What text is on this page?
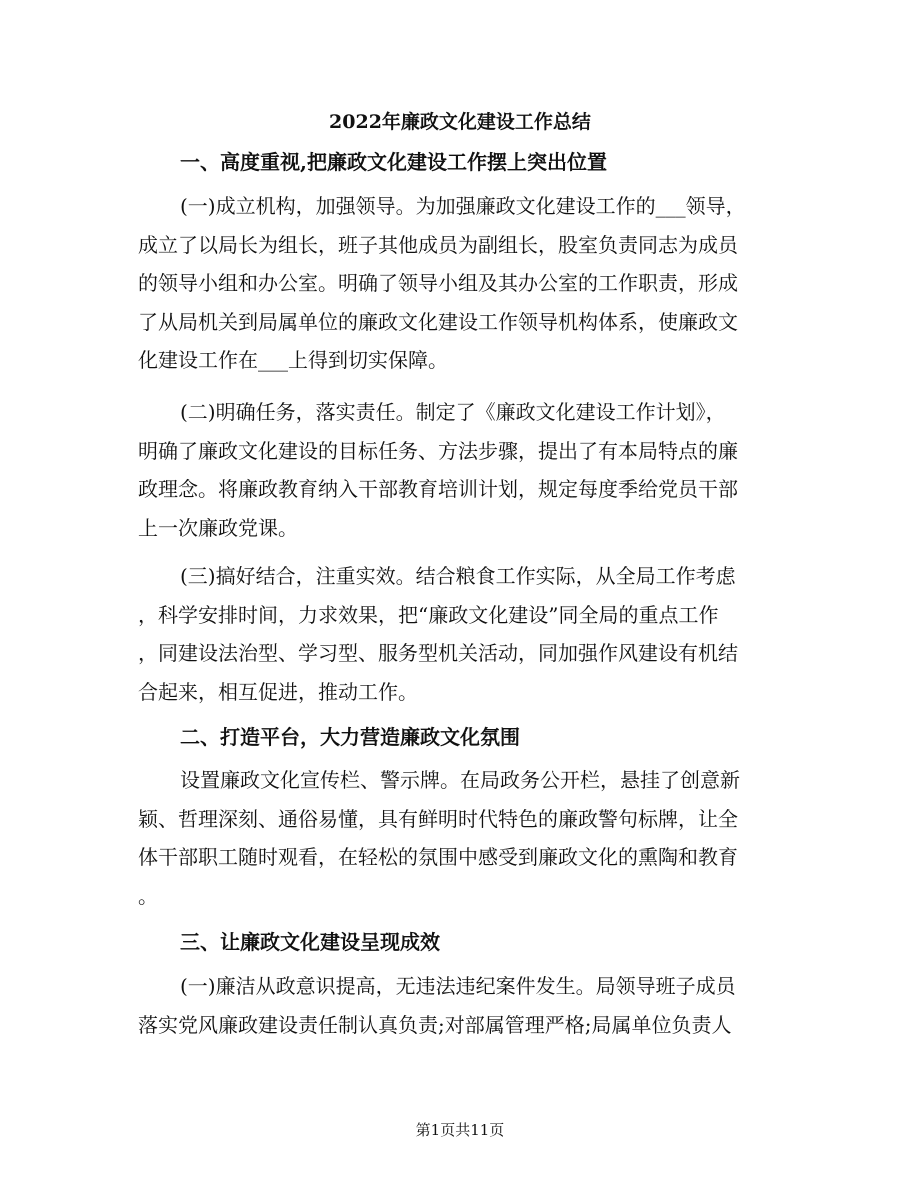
2022年廉政文化建设工作总结
一、高度重视,把廉政文化建设工作摆上突出位置
(一)成立机构，加强领导。为加强廉政文化建设工作的___领导，
成立了以局长为组长，班子其他成员为副组长，股室负责同志为成员
的领导小组和办公室。明确了领导小组及其办公室的工作职责，形成
了从局机关到局属单位的廉政文化建设工作领导机构体系，使廉政文
化建设工作在___上得到切实保障。
(二)明确任务，落实责任。制定了《廉政文化建设工作计划》，
明确了廉政文化建设的目标任务、方法步骤，提出了有本局特点的廉
政理念。将廉政教育纳入干部教育培训计划，规定每度季给党员干部
上一次廉政党课。
(三)搞好结合，注重实效。结合粮食工作实际，从全局工作考虑
，科学安排时间，力求效果，把“廉政文化建设”同全局的重点工作
，同建设法治型、学习型、服务型机关活动，同加强作风建设有机结
合起来，相互促进，推动工作。
二、打造平台，大力营造廉政文化氛围
设置廉政文化宣传栏、警示牌。在局政务公开栏，悬挂了创意新
颖、哲理深刻、通俗易懂，具有鲜明时代特色的廉政警句标牌，让全
体干部职工随时观看，在轻松的氛围中感受到廉政文化的熏陶和教育
。
三、让廉政文化建设呈现成效
(一)廉洁从政意识提高，无违法违纪案件发生。局领导班子成员
落实党风廉政建设责任制认真负责;对部属管理严格;局属单位负责人
第1页共11页
